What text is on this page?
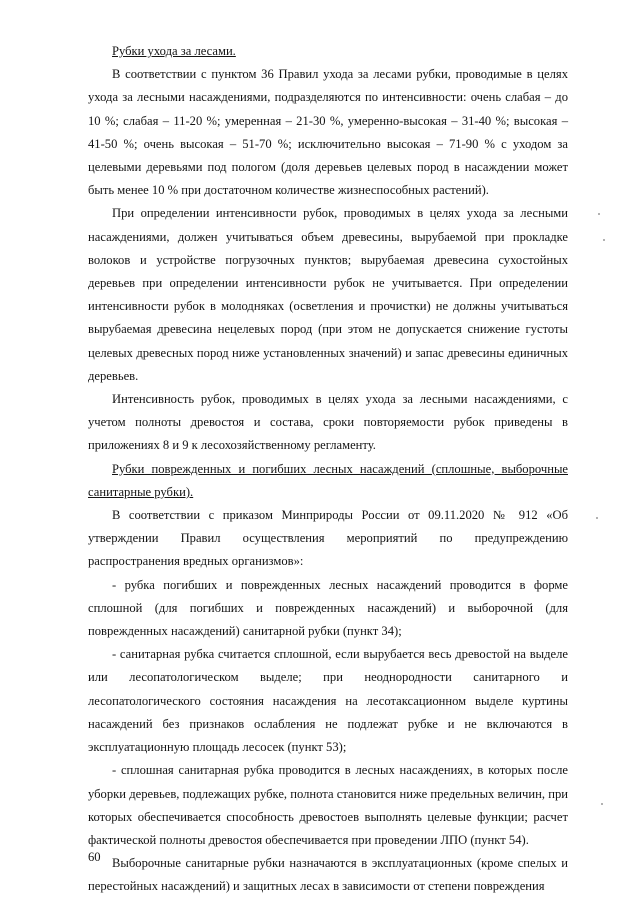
Рубки ухода за лесами.

В соответствии с пунктом 36 Правил ухода за лесами рубки, проводимые в целях ухода за лесными насаждениями, подразделяются по интенсивности: очень слабая – до 10 %; слабая – 11-20 %; умеренная – 21-30 %, умеренно-высокая – 31-40 %; высокая – 41-50 %; очень высокая – 51-70 %; исключительно высокая – 71-90 % с уходом за целевыми деревьями под пологом (доля деревьев целевых пород в насаждении может быть менее 10 % при достаточном количестве жизнеспособных растений).

При определении интенсивности рубок, проводимых в целях ухода за лесными насаждениями, должен учитываться объем древесины, вырубаемой при прокладке волоков и устройстве погрузочных пунктов; вырубаемая древесина сухостойных деревьев при определении интенсивности рубок не учитывается. При определении интенсивности рубок в молодняках (осветления и прочистки) не должны учитываться вырубаемая древесина нецелевых пород (при этом не допускается снижение густоты целевых древесных пород ниже установленных значений) и запас древесины единичных деревьев.

Интенсивность рубок, проводимых в целях ухода за лесными насаждениями, с учетом полноты древостоя и состава, сроки повторяемости рубок приведены в приложениях 8 и 9 к лесохозяйственному регламенту.

Рубки поврежденных и погибших лесных насаждений (сплошные, выборочные санитарные рубки).

В соответствии с приказом Минприроды России от 09.11.2020 № 912 «Об утверждении Правил осуществления мероприятий по предупреждению распространения вредных организмов»:

- рубка погибших и поврежденных лесных насаждений проводится в форме сплошной (для погибших и поврежденных насаждений) и выборочной (для поврежденных насаждений) санитарной рубки (пункт 34);

- санитарная рубка считается сплошной, если вырубается весь древостой на выделе или лесопатологическом выделе; при неоднородности санитарного и лесопатологического состояния насаждения на лесотаксационном выделе куртины насаждений без признаков ослабления не подлежат рубке и не включаются в эксплуатационную площадь лесосек (пункт 53);

- сплошная санитарная рубка проводится в лесных насаждениях, в которых после уборки деревьев, подлежащих рубке, полнота становится ниже предельных величин, при которых обеспечивается способность древостоев выполнять целевые функции; расчет фактической полноты древостоя обеспечивается при проведении ЛПО (пункт 54).

Выборочные санитарные рубки назначаются в эксплуатационных (кроме спелых и перестойных насаждений) и защитных лесах в зависимости от степени повреждения

60
